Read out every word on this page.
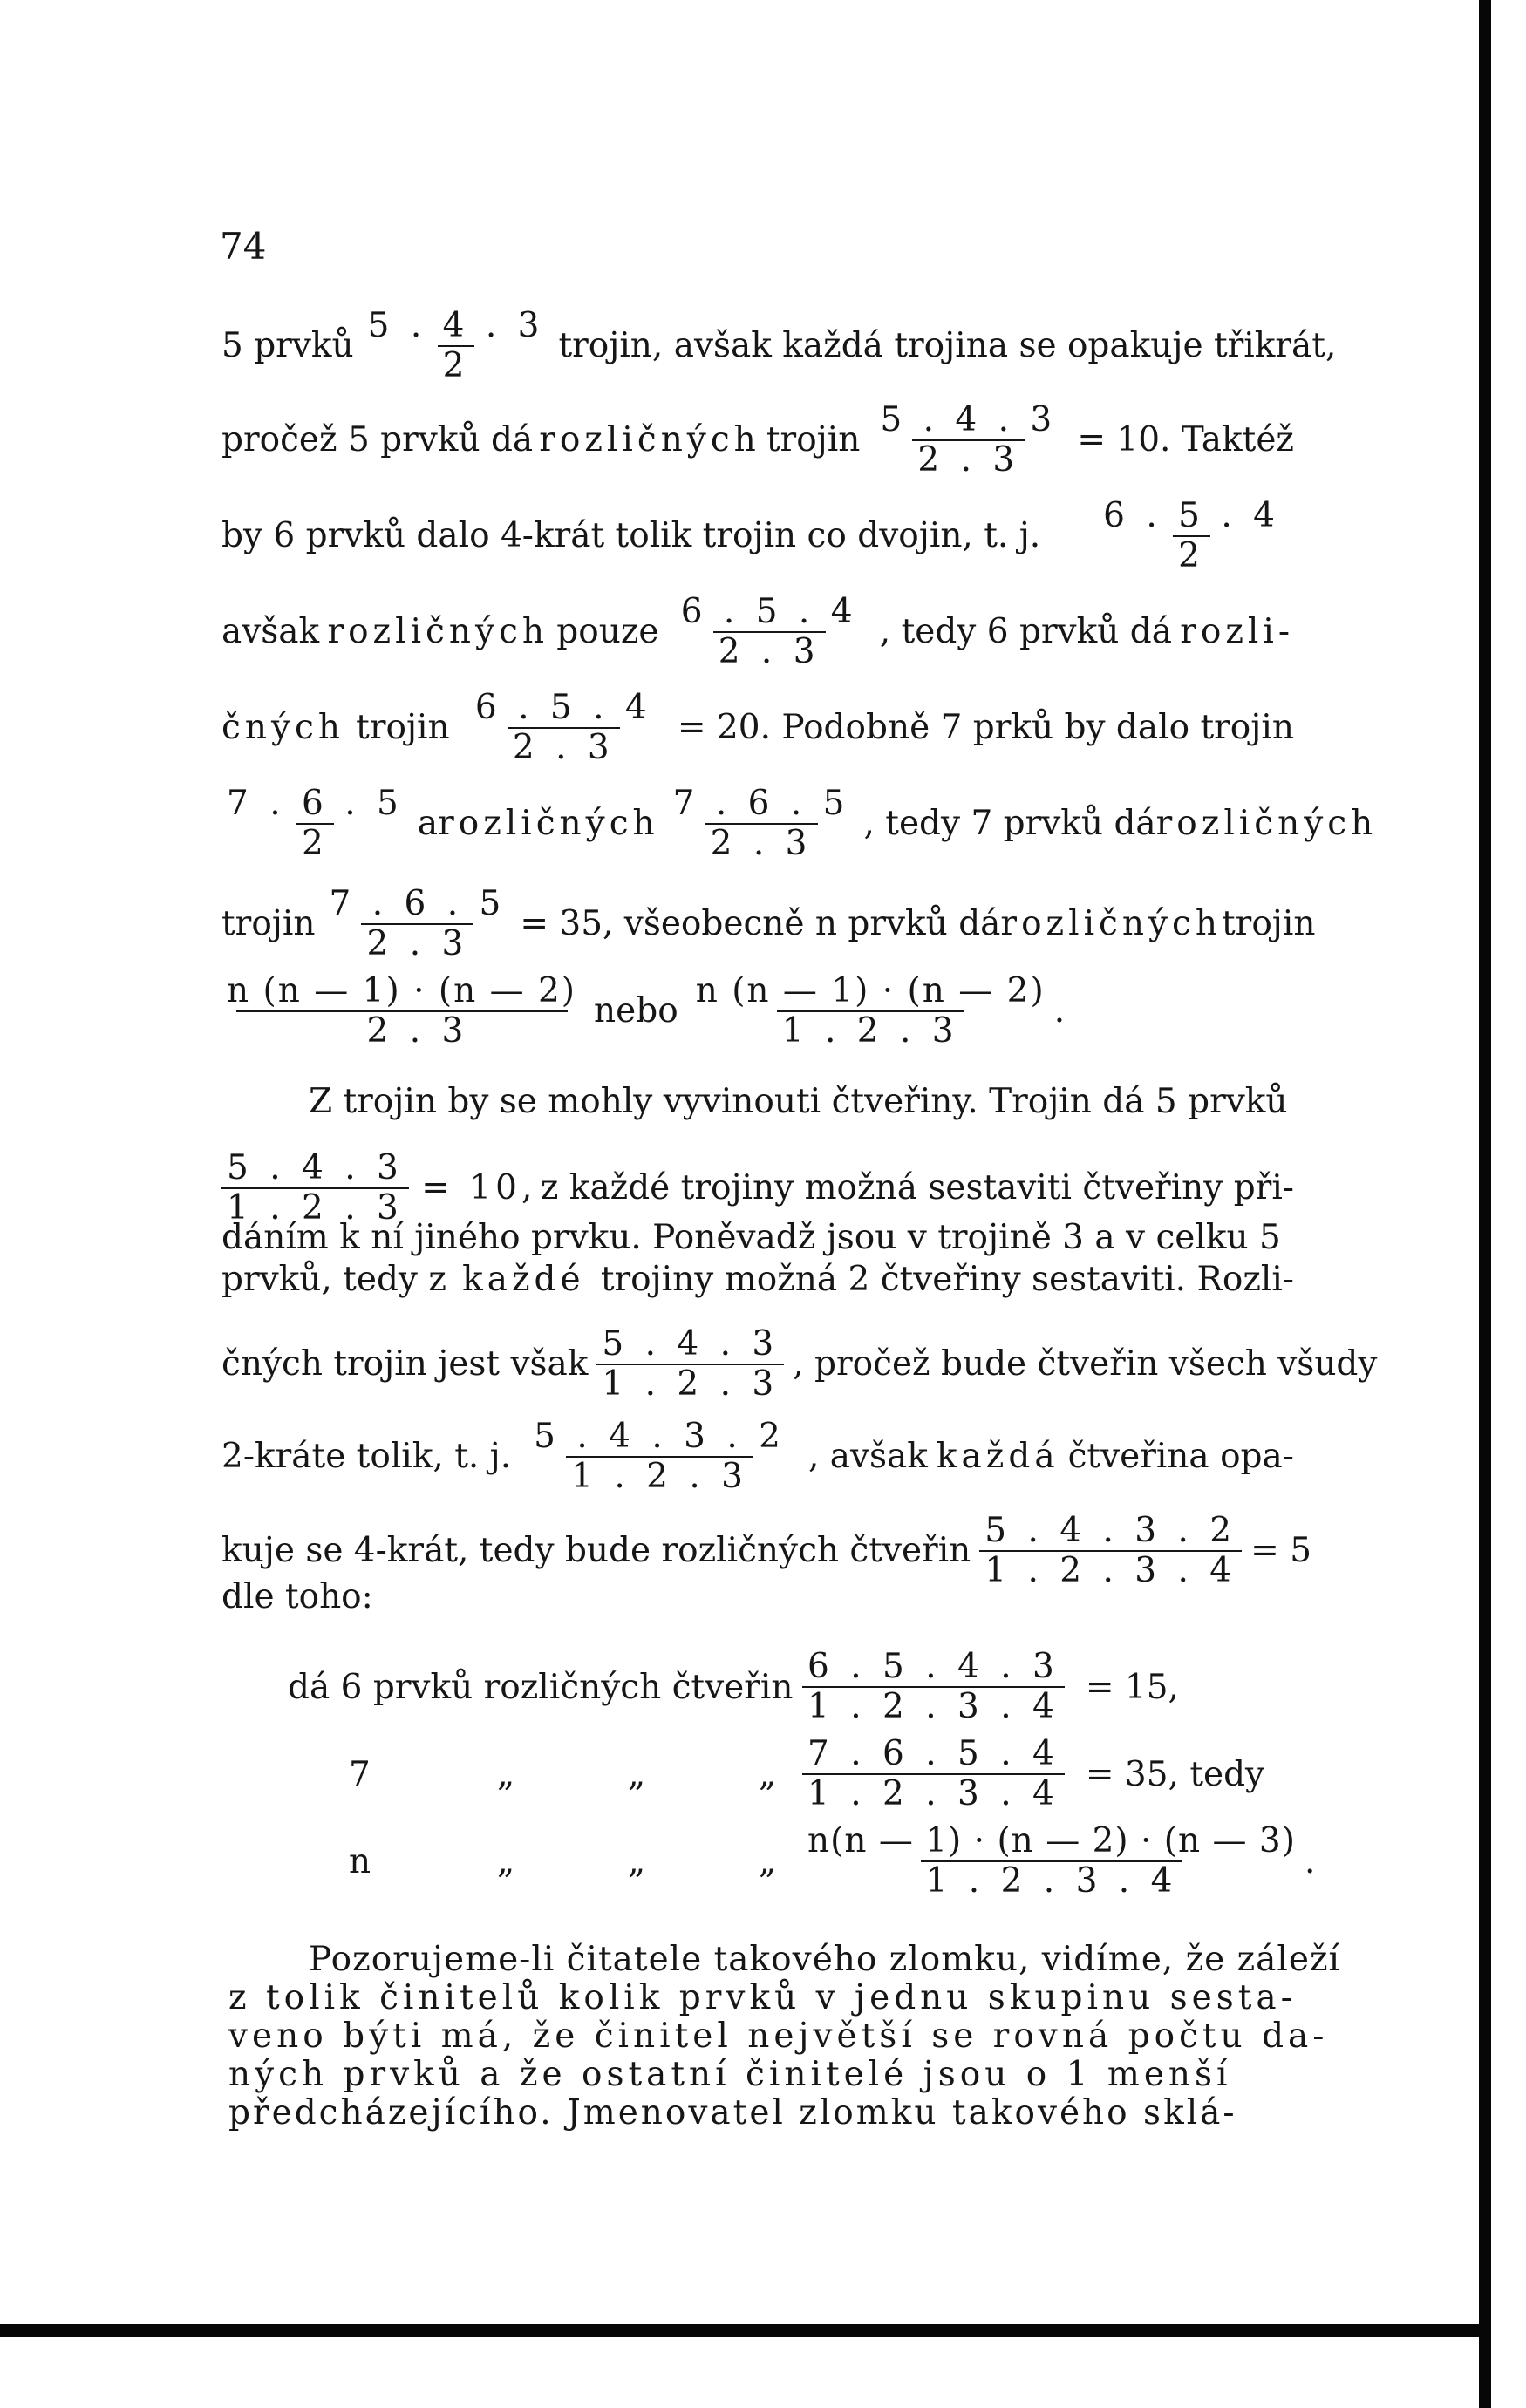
74
5 prvků $\frac{5 . 4 . 3}{2}$ trojin, avšak každá trojina se opakuje třikrát,
pročež 5 prvků dá rozličných trojin $\frac{5 . 4 . 3}{2 . 3} = 10$. Taktéž
by 6 prvků dalo 4-krát tolik trojin co dvojin, t. j. $\frac{6 . 5 . 4}{2}$
avšak rozličných pouze $\frac{6 . 5 . 4}{2 . 3}$ , tedy 6 prvků dá rozli-
čných trojin $\frac{6 . 5 . 4}{2 . 3} = 20$. Podobně 7 prků by dalo trojin
$\frac{7 . 6 . 5}{2}$ a rozličných $\frac{7 . 6 . 5}{2 . 3}$ , tedy 7 prvků dá rozličných
trojin $\frac{7 . 6 . 5}{2 . 3} = 35$, všeobecně n prvků dá rozličných trojin
$\frac{n (n — 1) \cdot (n — 2)}{2 . 3}$ nebo $\frac{n (n — 1) \cdot (n — 2)}{1 . 2 . 3}$ .
Z trojin by se mohly vyvinouti čtveřiny. Trojin dá 5 prvků
$\frac{5 . 4 . 3}{1 . 2 . 3} = 10$, z každé trojiny možná sestaviti čtveřiny při-
dáním k ní jiného prvku. Poněvadž jsou v trojině 3 a v celku 5
prvků, tedy z každé trojiny možná 2 čtveřiny sestaviti. Rozli-
čných trojin jest však $\frac{5 . 4 . 3}{1 . 2 . 3}$ , pročež bude čtveřin všech všudy
2-kráte tolik, t. j. $\frac{5 . 4 . 3 . 2}{1 . 2 . 3}$ , avšak každá čtveřina opa-
kuje se 4-krát, tedy bude rozličných čtveřin $\frac{5 . 4 . 3 . 2}{1 . 2 . 3 . 4} = 5$
dle toho:
dá 6 prvků rozličných čtveřin $\frac{6 . 5 . 4 . 3}{1 . 2 . 3 . 4} = 15$,
7	„	„	„ $\frac{7 . 6 . 5 . 4}{1 . 2 . 3 . 4} = 35$, tedy
n	„	„	„ $\frac{n(n — 1) \cdot (n — 2) \cdot (n — 3)}{1 . 2 . 3 . 4}$ .
Pozorujeme-li čitatele takového zlomku, vidíme, že záleží
z tolik činitelů kolik prvků v jednu skupinu sesta-
veno býti má, že činitel největší se rovná počtu da-
ných prvků a že ostatní činitelé jsou o 1 menší
předcházejícího. Jmenovatel zlomku takového sklá-
